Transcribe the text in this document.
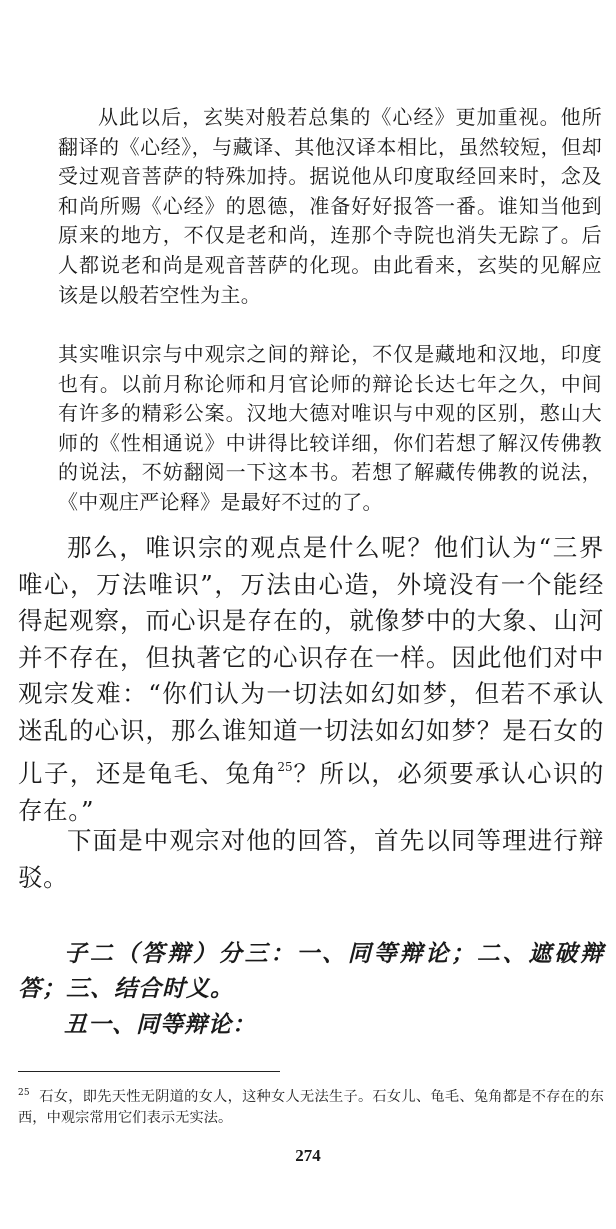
从此以后，玄奘对般若总集的《心经》更加重视。他所翻译的《心经》，与藏译、其他汉译本相比，虽然较短，但却受过观音菩萨的特殊加持。据说他从印度取经回来时，念及和尚所赐《心经》的恩德，准备好好报答一番。谁知当他到原来的地方，不仅是老和尚，连那个寺院也消失无踪了。后人都说老和尚是观音菩萨的化现。由此看来，玄奘的见解应该是以般若空性为主。

其实唯识宗与中观宗之间的辩论，不仅是藏地和汉地，印度也有。以前月称论师和月官论师的辩论长达七年之久，中间有许多的精彩公案。汉地大德对唯识与中观的区别，憨山大师的《性相通说》中讲得比较详细，你们若想了解汉传佛教的说法，不妨翻阅一下这本书。若想了解藏传佛教的说法，《中观庄严论释》是最好不过的了。

那么，唯识宗的观点是什么呢？他们认为“三界唯心，万法唯识”，万法由心造，外境没有一个能经得起观察，而心识是存在的，就像梦中的大象、山河并不存在，但执著它的心识存在一样。因此他们对中观宗发难：“你们认为一切法如幻如梦，但若不承认迷乱的心识，那么谁知道一切法如幻如梦？是石女的儿子，还是龟毛、兔角$^{25}$？所以，必须要承认心识的存在。”

下面是中观宗对他的回答，首先以同等理进行辩驳。

子二（答辩）分三：一、同等辩论；二、遮破辩答；三、结合时义。

丑一、同等辩论：

$^{25}$ 石女，即先天性无阴道的女人，这种女人无法生子。石女儿、龟毛、兔角都是不存在的东西，中观宗常用它们表示无实法。

274
